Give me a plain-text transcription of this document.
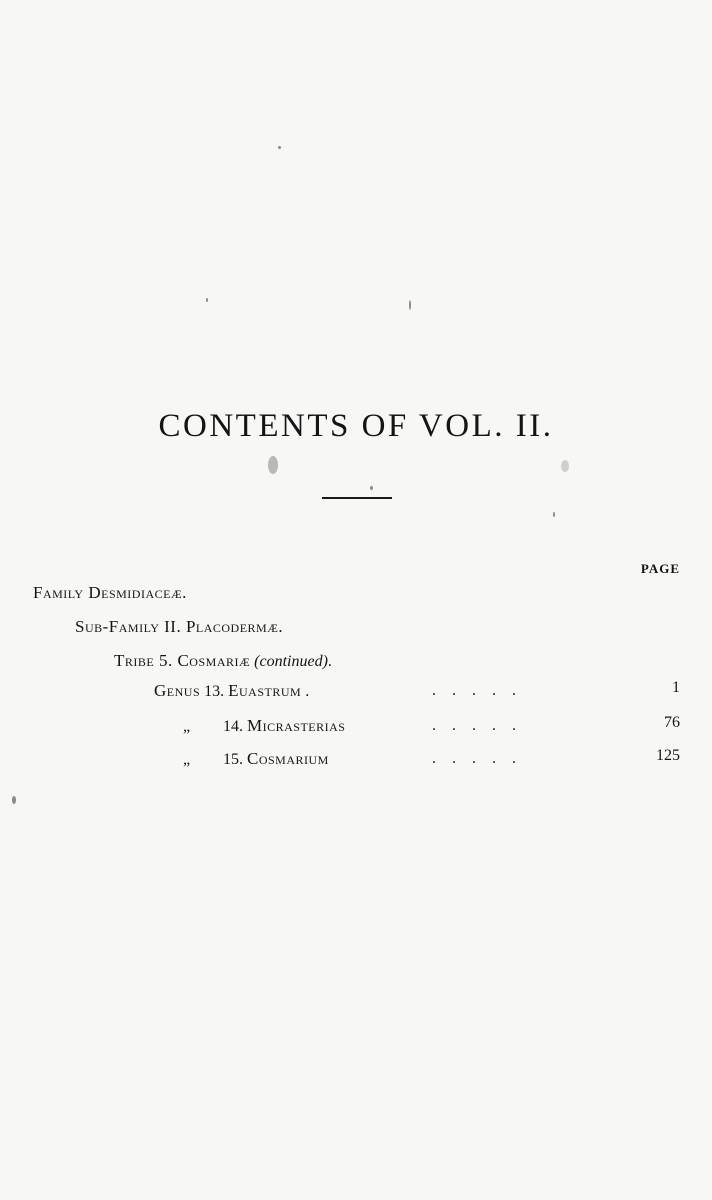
CONTENTS OF VOL. II.
PAGE
Family Desmidiaceæ.
Sub-Family II. Placodermæ.
Tribe 5. Cosmariæ (continued).
Genus 13. Euastrum .	.    .    .    .    .	1
„ 14. Micrasterias	.    .    .    .    .	76
„ 15. Cosmarium	.    .    .    .    .	125
